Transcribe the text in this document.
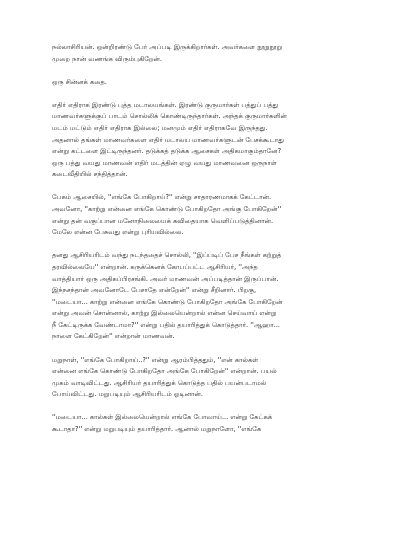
நல்லாசிரியன். ஒன்றிரண்டு பேர் அப்படி இருக்கிறார்கள். அவர்களை நூறுநூறு
முறை நான் வணங்க விரும்புகிறேன்.

ஒரு சின்னக் கதை.

எதிர் எதிராக இரண்டு புத்த மடாலயங்கள். இரண்டு குருமார்கள் பத்துப் பத்து
மாணவர்களுக்குப் பாடம் சொல்லிக் கொண்டிருந்தார்கள். அந்தக் குருமார்களின்
மடம் மட்டும் எதிர் எதிராக இல்லை; மனமும் எதிர் எதிராகவே இருந்தது.
அதனால் தங்கள் மாணவர்களை எதிர் மடாலய மாணவர்களுடன் பேசக்கூடாது
என்று கட்டளை இட்டிருந்தனர். தடுக்கத் தடுக்க ஆசைகள் அதிகமாகும்தானே?
ஒரு பத்து வயது மாணவன் எதிர் மடத்தின் ஏழு வயது மாணவனை ஒருநாள்
கடைவீதியில் சந்தித்தான்.

பேசும் ஆசையில், ''எங்கே போகிறாய்?'' என்று சாதாரணமாகக் கேட்டான்.
அவனோ, ''காற்று என்னை எங்கே கொண்டு போகிறதோ அங்கு போகிறேன்''
என்று தன் வகுப்பான மனோநிலையைக் கவிதையாக வெளிப்படுத்தினான்.
மேலே என்ன பேசுவது என்று புரியவில்லை.

தனது ஆசிரியரிடம் வந்து நடந்ததைச் சொல்லி, ''இப்படிப் பேச நீங்கள் கற்றுத்
தரவில்லையே'' என்றான். கருக்கெனக் கோபப்பட்ட ஆசிரியர், ''அந்த
வாத்தியார் ஒரு அதிகப்பிரசங்கி. அவர் மாணவன் அப்படித்தான் இருப்பான்.
இந்நசந்தான் அவனோடே பேசாதே என்றேன்'' என்று சீறினார். பிறகு,
''மடையா... காற்று என்னை எங்கே கொண்டு போகிறதோ அங்கே போகிறேன்
என்று அவன் சொன்னால், காற்று இல்லையென்றால் என்ன செய்வாய் என்று
நீ கேட்டிருக்க வேண்டாமா?'' என்று பதில் தயாரித்துக் கொடுத்தார். ''ஆஹா...
நாளை கேட்கிறேன்'' என்றான் மாணவன்.

மறுநாள், ''எங்கே போகிறாய்..?'' என்று ஆரம்பித்ததும், ''என் கால்கள்
என்னை எங்கே கொண்டு போகிறதோ அங்கே போகிறேன்'' என்றான். பயல்
முகம் வாடிவிட்டது. ஆசிரியர் தயாரித்துக் கொடுத்த பதில் பயன்படாமல்
போய்விட்டது. மறுபடியும் ஆசிரியரிடம் ஓடினான்.

''மடையா... கால்கள் இல்லையென்றால் எங்கே போவாய்... என்று கேட்கக்
கூடாதா?'' என்று மறுபடியும் தயாரித்தார். ஆனால் மறுநாளோ, ''எங்கே
